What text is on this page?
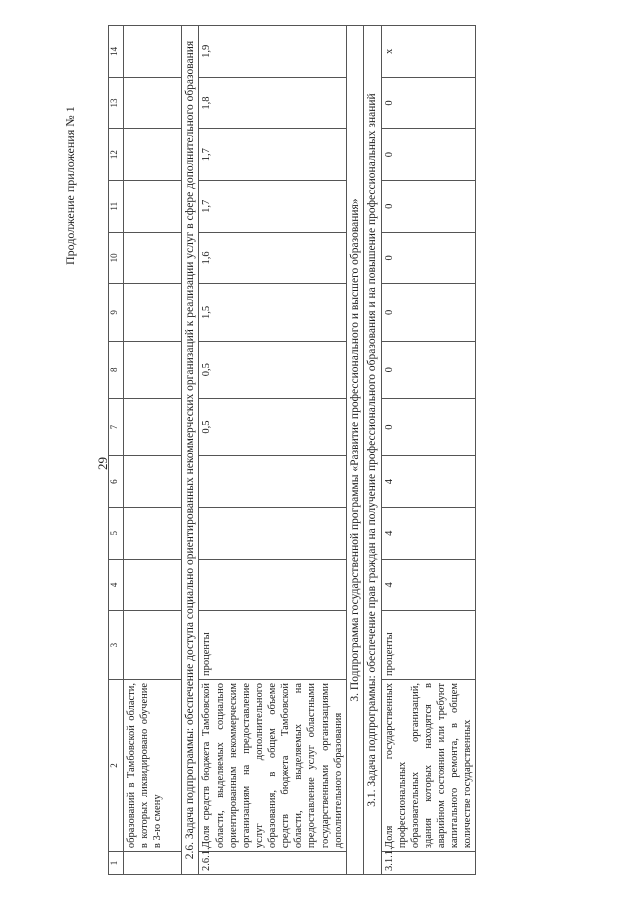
29
Продолжение приложения № 1
1	2	3	4	5	6	7	8	9	10	11	12	13	14
	образований в Тамбовской области, в которых ликвидировано обучение в 3-ю смену												
2.6. Задача подпрограммы: обеспечение доступа социально ориентированных некоммерческих организаций к реализации услуг в сфере дополнительного образования													
2.6.1.	Доля средств бюджета Тамбовской области, выделяемых социально ориентированным некоммерческим организациям на предоставление услуг дополнительного образования, в общем объеме средств бюджета Тамбовской области, выделяемых на предоставление услуг областными государственными организациями дополнительного образования	проценты				0,5	0,5	1,5	1,6	1,7	1,7	1,8	1,9
3. Подпрограмма государственной программы «Развитие профессионального и высшего образования»													
3.1. Задача подпрограммы: обеспечение прав граждан на получение профессионального образования и на повышение профессиональных знаний													
3.1.1.	Доля государственных профессиональных образовательных организаций, здания которых находятся в аварийном состоянии или требуют капитального ремонта, в общем количестве государственных	проценты	4	4	4	0	0	0	0	0	0	0	х
